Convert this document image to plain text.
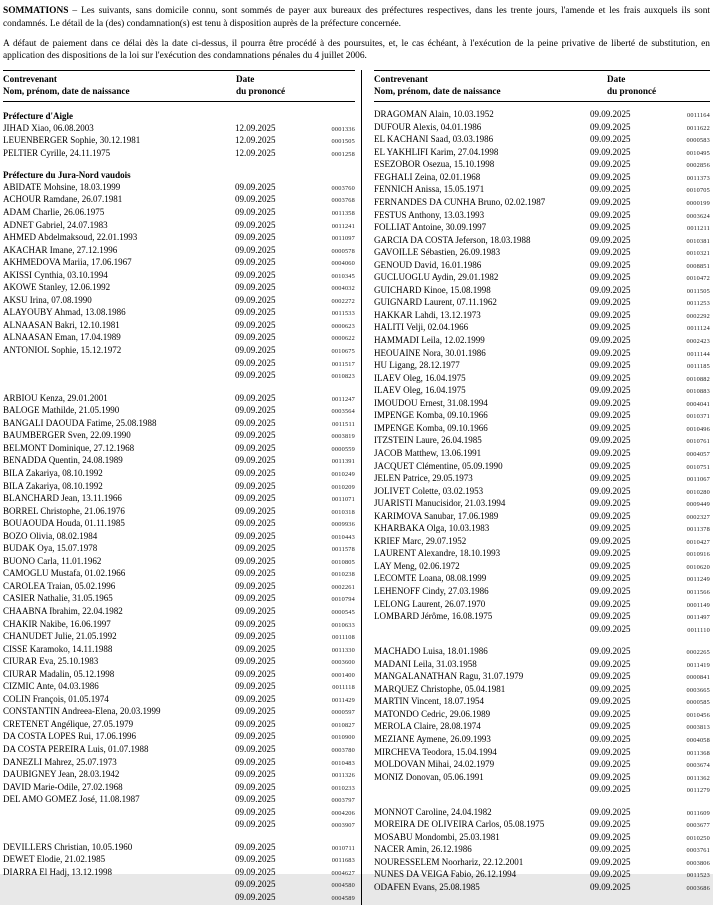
SOMMATIONS – Les suivants, sans domicile connu, sont sommés de payer aux bureaux des préfectures respectives, dans les trente jours, l'amende et les frais auxquels ils sont condamnés. Le détail de la (des) condamnation(s) est tenu à disposition auprès de la préfecture concernée.

A défaut de paiement dans ce délai dès la date ci-dessus, il pourra être procédé à des poursuites, et, le cas échéant, à l'exécution de la peine privative de liberté de substitution, en application des dispositions de la loi sur l'exécution des condamnations pénales du 4 juillet 2006.

Contrevenant
Nom, prénom, date de naissance
Date
du prononcé
Préfecture d'Aigle
JIHAD Xiao, 06.08.2003	12.09.2025	0001336
LEUENBERGER Sophie, 30.12.1981	12.09.2025	0001505
PELTIER Cyrille, 24.11.1975	12.09.2025	0001258
Préfecture du Jura-Nord vaudois
ABIDATE Mohsine, 18.03.1999	09.09.2025	0003760
ACHOUR Ramdane, 26.07.1981	09.09.2025	0003768
ADAM Charlie, 26.06.1975	09.09.2025	0011358
ADNET Gabriel, 24.07.1983	09.09.2025	0011241
AHMED Abdelmaksoud, 22.01.1993	09.09.2025	0011097
AKACHAR Imane, 27.12.1996	09.09.2025	0000578
AKHMEDOVA Mariia, 17.06.1967	09.09.2025	0004060
AKISSI Cynthia, 03.10.1994	09.09.2025	0010345
AKOWE Stanley, 12.06.1992	09.09.2025	0004032
AKSU Irina, 07.08.1990	09.09.2025	0002272
ALAYOUBY Ahmad, 13.08.1986	09.09.2025	0011533
ALNAASAN Bakri, 12.10.1981	09.09.2025	0000623
ALNAASAN Eman, 17.04.1989	09.09.2025	0000622
ANTONIOL Sophie, 15.12.1972	09.09.2025	0010675
09.09.2025	0011517
09.09.2025	0010823
ARBIOU Kenza, 29.01.2001	09.09.2025	0011247
BALOGE Mathilde, 21.05.1990	09.09.2025	0003564
BANGALI DAOUDA Fatime, 25.08.1988	09.09.2025	0011511
BAUMBERGER Sven, 22.09.1990	09.09.2025	0003819
BELMONT Dominique, 27.12.1968	09.09.2025	0000559
BENADDA Quentin, 24.08.1989	09.09.2025	0011391
BILA Zakariya, 08.10.1992	09.09.2025	0010249
BILA Zakariya, 08.10.1992	09.09.2025	0010209
BLANCHARD Jean, 13.11.1966	09.09.2025	0011071
BORREL Christophe, 21.06.1976	09.09.2025	0010318
BOUAOUDA Houda, 01.11.1985	09.09.2025	0009936
BOZO Olivia, 08.02.1984	09.09.2025	0010443
BUDAK Oya, 15.07.1978	09.09.2025	0011578
BUONO Carla, 11.01.1962	09.09.2025	0010805
CAMOGLU Mustafa, 01.02.1966	09.09.2025	0010238
CAROLEA Traian, 05.02.1996	09.09.2025	0002261
CASIER Nathalie, 31.05.1965	09.09.2025	0010794
CHAABNA Ibrahim, 22.04.1982	09.09.2025	0000545
CHAKIR Nakibe, 16.06.1997	09.09.2025	0010633
CHANUDET Julie, 21.05.1992	09.09.2025	0011108
CISSE Karamoko, 14.11.1988	09.09.2025	0011330
CIURAR Eva, 25.10.1983	09.09.2025	0003600
CIURAR Madalin, 05.12.1998	09.09.2025	0001400
CIZMIC Ante, 04.03.1986	09.09.2025	0011118
COLIN François, 01.05.1974	09.09.2025	0011429
CONSTANTIN Andreea-Elena, 20.03.1999	09.09.2025	0000597
CRETENET Angélique, 27.05.1979	09.09.2025	0010827
DA COSTA LOPES Rui, 17.06.1996	09.09.2025	0010900
DA COSTA PEREIRA Luis, 01.07.1988	09.09.2025	0003780
DANEZLI Mahrez, 25.07.1973	09.09.2025	0010483
DAUBIGNEY Jean, 28.03.1942	09.09.2025	0011326
DAVID Marie-Odile, 27.02.1968	09.09.2025	0010233
DEL AMO GOMEZ José, 11.08.1987	09.09.2025	0003797
09.09.2025	0004206
09.09.2025	0003907
DEVILLERS Christian, 10.05.1960	09.09.2025	0010711
DEWET Elodie, 21.02.1985	09.09.2025	0011683
DIARRA El Hadj, 13.12.1998	09.09.2025	0004627
09.09.2025	0004580
09.09.2025	0004589
Contrevenant
Nom, prénom, date de naissance
Date
du prononcé
DRAGOMAN Alain, 10.03.1952	09.09.2025	0011164
DUFOUR Alexis, 04.01.1986	09.09.2025	0011622
EL KACHANI Saad, 03.03.1986	09.09.2025	0000583
EL YAKHLIFI Karim, 27.04.1998	09.09.2025	0010495
ESEZOBOR Osezua, 15.10.1998	09.09.2025	0002856
FEGHALI Zeina, 02.01.1968	09.09.2025	0011373
FENNICH Anissa, 15.05.1971	09.09.2025	0010705
FERNANDES DA CUNHA Bruno, 02.02.1987	09.09.2025	0000199
FESTUS Anthony, 13.03.1993	09.09.2025	0003624
FOLLIAT Antoine, 30.09.1997	09.09.2025	0011211
GARCIA DA COSTA Jeferson, 18.03.1988	09.09.2025	0010381
GAVOILLE Sébastien, 26.09.1983	09.09.2025	0010321
GENOUD David, 16.01.1986	09.09.2025	0008851
GUCLUOGLU Aydin, 29.01.1982	09.09.2025	0010472
GUICHARD Kinoe, 15.08.1998	09.09.2025	0011505
GUIGNARD Laurent, 07.11.1962	09.09.2025	0011253
HAKKAR Lahdi, 13.12.1973	09.09.2025	0002292
HALITI Velji, 02.04.1966	09.09.2025	0011124
HAMMADI Leila, 12.02.1999	09.09.2025	0002423
HEOUAINE Nora, 30.01.1986	09.09.2025	0011144
HU Ligang, 28.12.1977	09.09.2025	0011185
ILAEV Oleg, 16.04.1975	09.09.2025	0010882
ILAEV Oleg, 16.04.1975	09.09.2025	0010883
IMOUDOU Ernest, 31.08.1994	09.09.2025	0004041
IMPENGE Komba, 09.10.1966	09.09.2025	0010371
IMPENGE Komba, 09.10.1966	09.09.2025	0010496
ITZSTEIN Laure, 26.04.1985	09.09.2025	0010761
JACOB Matthew, 13.06.1991	09.09.2025	0004057
JACQUET Clémentine, 05.09.1990	09.09.2025	0010751
JELEN Patrice, 29.05.1973	09.09.2025	0011067
JOLIVET Colette, 03.02.1953	09.09.2025	0010280
JUARISTI Manucisidor, 21.03.1994	09.09.2025	0009449
KARIMOVA Sanubar, 17.06.1989	09.09.2025	0002327
KHARBAKA Olga, 10.03.1983	09.09.2025	0011378
KRIEF Marc, 29.07.1952	09.09.2025	0010427
LAURENT Alexandre, 18.10.1993	09.09.2025	0010916
LAY Meng, 02.06.1972	09.09.2025	0010620
LECOMTE Loana, 08.08.1999	09.09.2025	0011249
LEHENOFF Cindy, 27.03.1986	09.09.2025	0011566
LELONG Laurent, 26.07.1970	09.09.2025	0001149
LOMBARD Jérôme, 16.08.1975	09.09.2025	0011497
09.09.2025	0011110
MACHADO Luisa, 18.01.1986	09.09.2025	0002265
MADANI Leila, 31.03.1958	09.09.2025	0011419
MANGALANATHAN Ragu, 31.07.1979	09.09.2025	0000841
MARQUEZ Christophe, 05.04.1981	09.09.2025	0003665
MARTIN Vincent, 18.07.1954	09.09.2025	0000585
MATONDO Cedric, 29.06.1989	09.09.2025	0010456
MEROLA Claire, 28.08.1974	09.09.2025	0003813
MEZIANE Aymene, 26.09.1993	09.09.2025	0004058
MIRCHEVA Teodora, 15.04.1994	09.09.2025	0011368
MOLDOVAN Mihai, 24.02.1979	09.09.2025	0003674
MONIZ Donovan, 05.06.1991	09.09.2025	0011362
09.09.2025	0011279
MONNOT Caroline, 24.04.1982	09.09.2025	0011609
MOREIRA DE OLIVEIRA Carlos, 05.08.1975	09.09.2025	0003677
MOSABU Mondombi, 25.03.1981	09.09.2025	0010250
NACER Amin, 26.12.1986	09.09.2025	0003761
NOURESSELEM Noorhariz, 22.12.2001	09.09.2025	0003806
NUNES DA VEIGA Fabio, 26.12.1994	09.09.2025	0011523
ODAFEN Evans, 25.08.1985	09.09.2025	0003686
